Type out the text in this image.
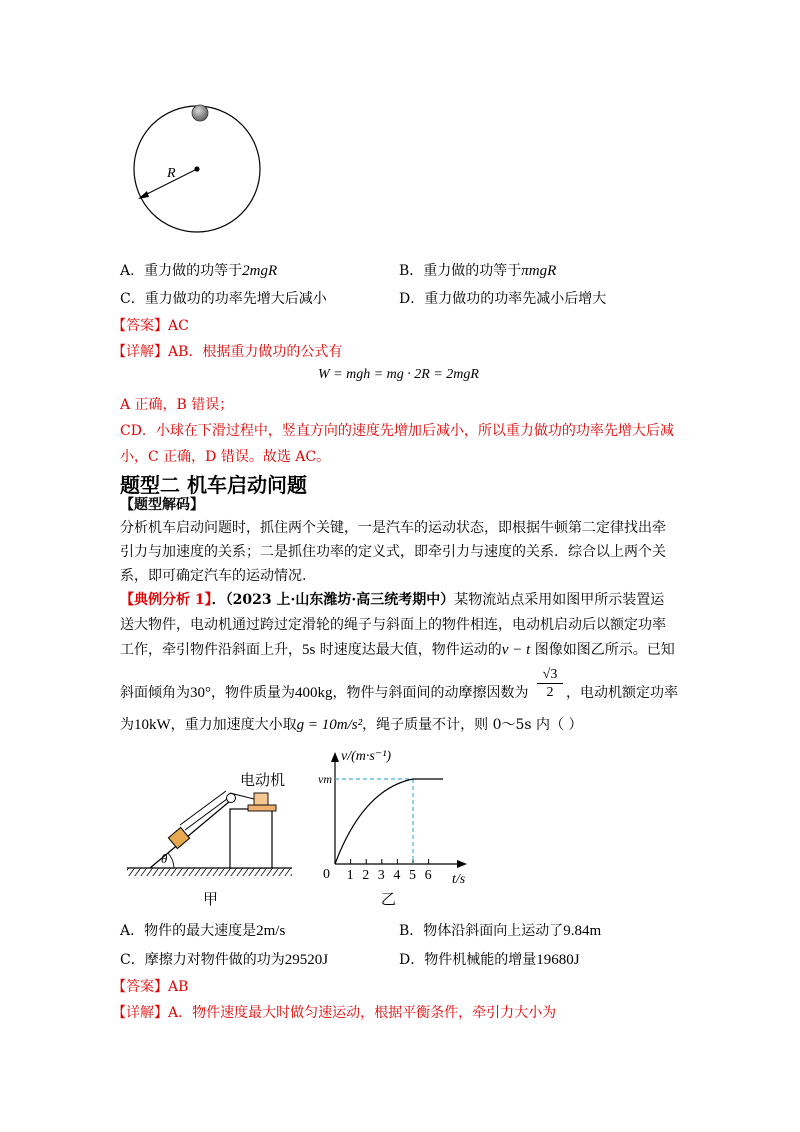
R
A．重力做的功等于2mgR	B．重力做的功等于πmgR
C．重力做功的功率先增大后减小	D．重力做功的功率先减小后增大
【答案】AC
【详解】AB．根据重力做功的公式有
W = mgh = mg · 2R = 2mgR
A 正确，B 错误；
CD．小球在下滑过程中，竖直方向的速度先增加后减小，所以重力做功的功率先增大后减
小，C 正确，D 错误。故选 AC。
题型二 机车启动问题
【题型解码】
分析机车启动问题时，抓住两个关键，一是汽车的运动状态，即根据牛顿第二定律找出牵
引力与加速度的关系；二是抓住功率的定义式，即牵引力与速度的关系．综合以上两个关
系，即可确定汽车的运动情况.
【典例分析 1】．（2023 上·山东潍坊·高三统考期中）某物流站点采用如图甲所示装置运
送大物件，电动机通过跨过定滑轮的绳子与斜面上的物件相连，电动机启动后以额定功率
工作，牵引物件沿斜面上升，5s 时速度达最大值，物件运动的v − t 图像如图乙所示。已知
斜面倾角为30°，物件质量为400kg，物件与斜面间的动摩擦因数为 $\frac{√3}{2}$ ，电动机额定功率
为10kW，重力加速度大小取g = 10m/s²，绳子质量不计，则 0～5s 内（ ）
θ
电动机
甲
1 2 3 4 5 6
v/(m·s⁻¹)
vm
0	t/s
乙
A．物件的最大速度是2m/s	B．物体沿斜面向上运动了9.84m
C．摩擦力对物件做的功为29520J	D．物件机械能的增量19680J
【答案】AB
【详解】A．物件速度最大时做匀速运动，根据平衡条件，牵引力大小为
